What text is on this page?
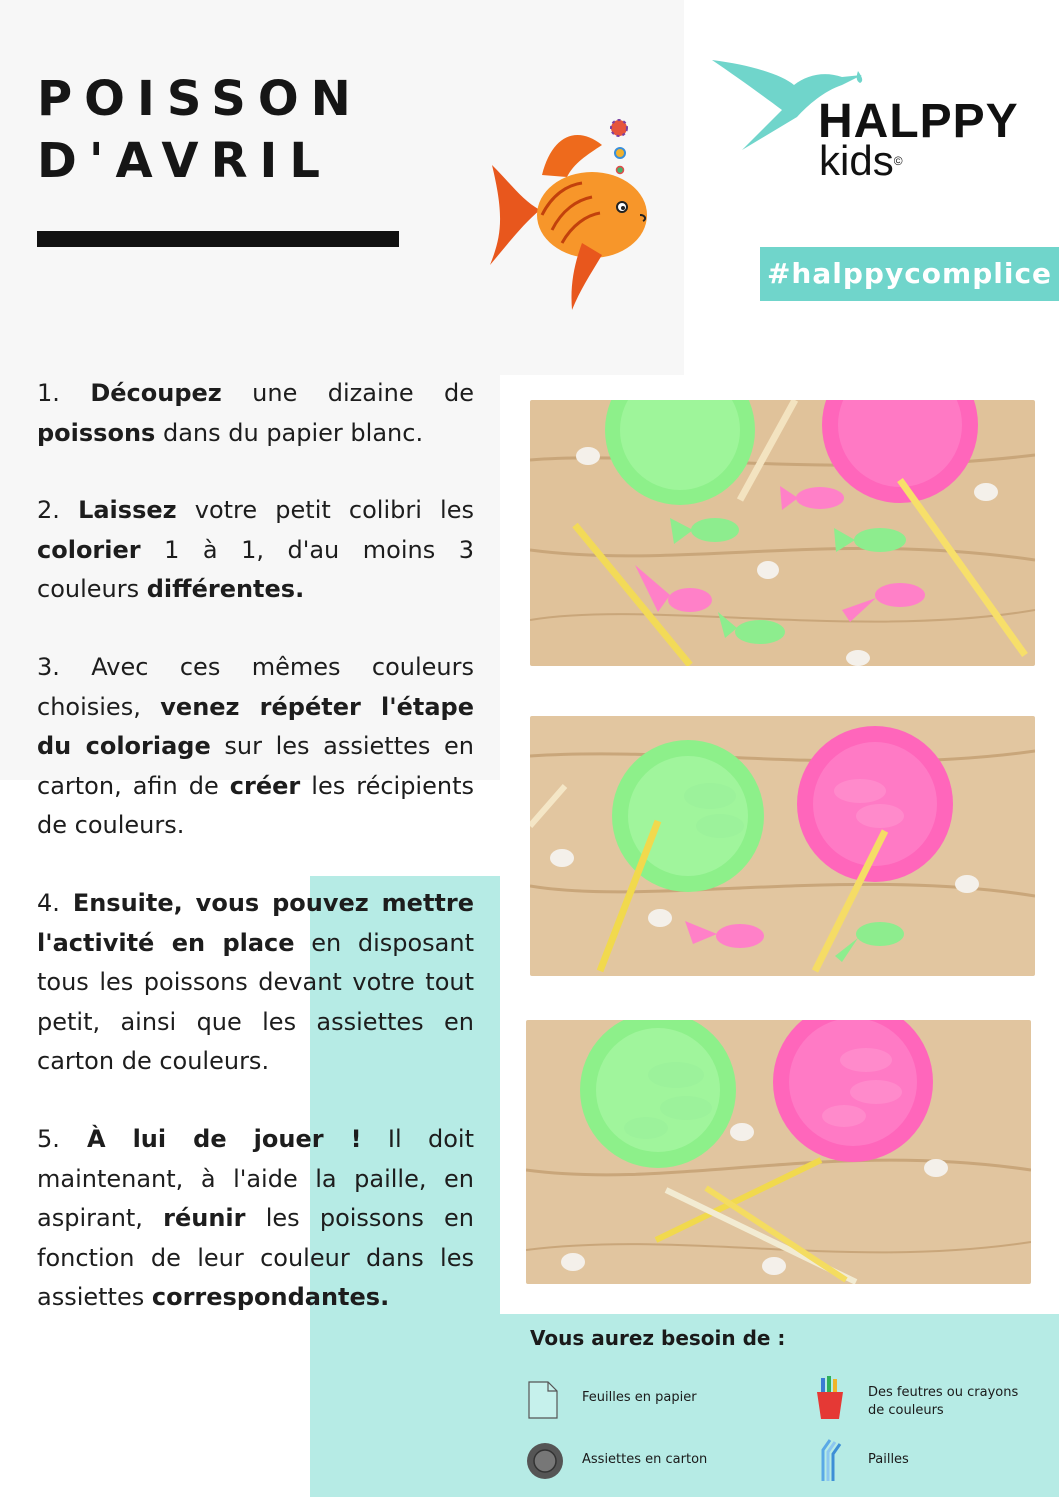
POISSON
D'AVRIL
HALPPY
kids©
#halppycomplice

1. Découpez une dizaine de poissons dans du papier blanc.

2. Laissez votre petit colibri les colorier 1 à 1, d'au moins 3 couleurs différentes.

3. Avec ces mêmes couleurs choisies, venez répéter l'étape du coloriage sur les assiettes en carton, afin de créer les récipients de couleurs.

4. Ensuite, vous pouvez mettre l'activité en place en disposant tous les poissons devant votre tout petit, ainsi que les assiettes en carton de couleurs.

5. À lui de jouer ! Il doit maintenant, à l'aide la paille, en aspirant, réunir les poissons en fonction de leur couleur dans les assiettes correspondantes.

Vous aurez besoin de :
Feuilles en papier	Des feutres ou crayons de couleurs
Assiettes en carton	Pailles
